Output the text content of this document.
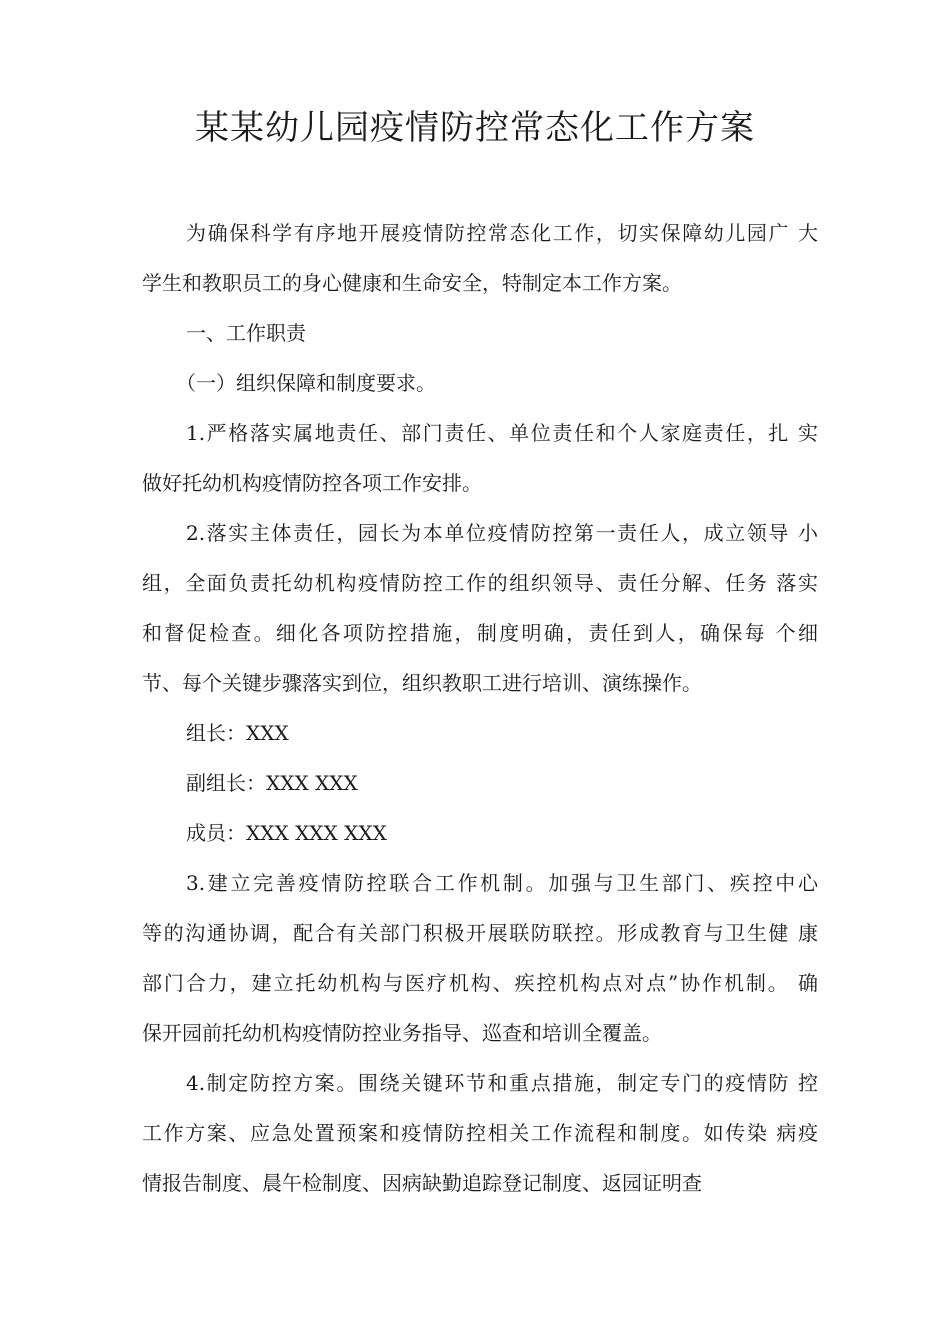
某某幼儿园疫情防控常态化工作方案
为确保科学有序地开展疫情防控常态化工作，切实保障幼儿园广 大
学生和教职员工的身心健康和生命安全，特制定本工作方案。
一、工作职责
（一）组织保障和制度要求。
1.严格落实属地责任、部门责任、单位责任和个人家庭责任，扎 实
做好托幼机构疫情防控各项工作安排。
2.落实主体责任，园长为本单位疫情防控第一责任人，成立领导 小
组，全面负责托幼机构疫情防控工作的组织领导、责任分解、任务 落实
和督促检查。细化各项防控措施，制度明确，责任到人，确保每 个细
节、每个关键步骤落实到位，组织教职工进行培训、演练操作。
组长：XXX
副组长：XXX XXX
成员：XXX XXX XXX
3.建立完善疫情防控联合工作机制。加强与卫生部门、疾控中心
等的沟通协调，配合有关部门积极开展联防联控。形成教育与卫生健 康
部门合力，建立托幼机构与医疗机构、疾控机构点对点”协作机制。 确
保开园前托幼机构疫情防控业务指导、巡查和培训全覆盖。
4.制定防控方案。围绕关键环节和重点措施，制定专门的疫情防 控
工作方案、应急处置预案和疫情防控相关工作流程和制度。如传染 病疫
情报告制度、晨午检制度、因病缺勤追踪登记制度、返园证明查
